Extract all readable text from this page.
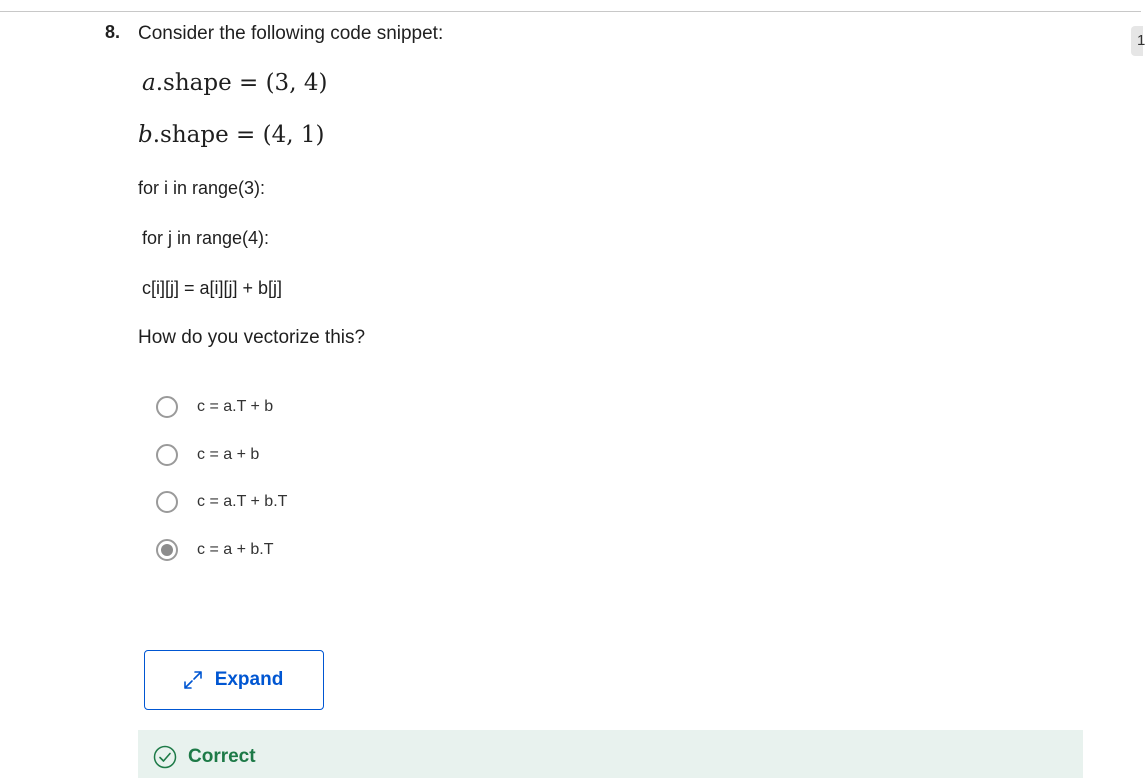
1
8. Consider the following code snippet:
a.shape = (3, 4)
b.shape = (4, 1)
for i in range(3):
for j in range(4):
c[i][j] = a[i][j] + b[j]
How do you vectorize this?
c = a.T + b
c = a + b
c = a.T + b.T
c = a + b.T
Expand
Correct
